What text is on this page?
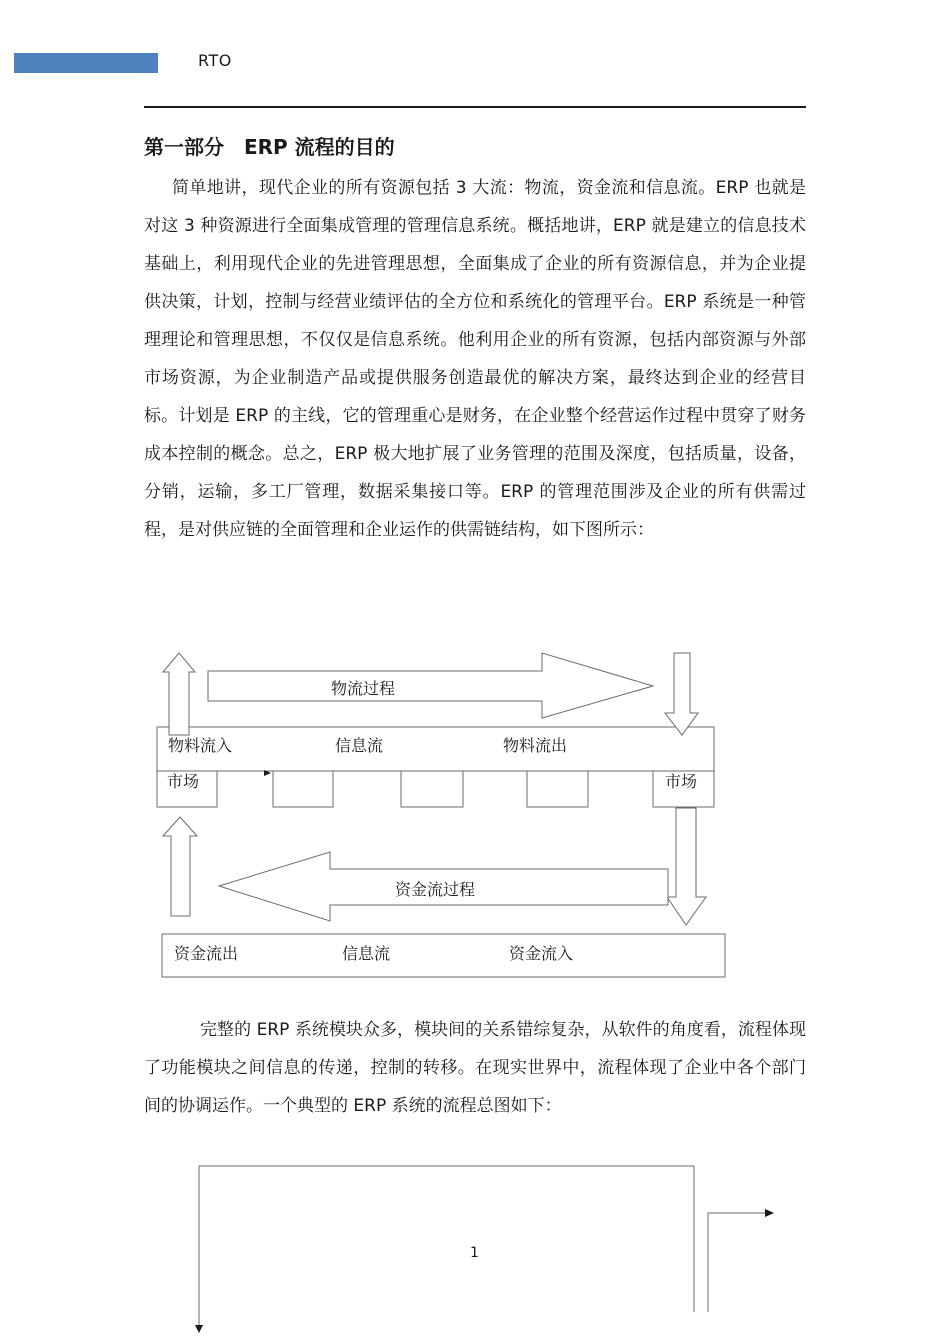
RTO
第一部分　ERP 流程的目的

简单地讲，现代企业的所有资源包括 3 大流：物流，资金流和信息流。ERP 也就是对这 3 种资源进行全面集成管理的管理信息系统。概括地讲，ERP 就是建立的信息技术基础上，利用现代企业的先进管理思想，全面集成了企业的所有资源信息，并为企业提供决策，计划，控制与经营业绩评估的全方位和系统化的管理平台。ERP 系统是一种管理理论和管理思想，不仅仅是信息系统。他利用企业的所有资源，包括内部资源与外部市场资源，为企业制造产品或提供服务创造最优的解决方案，最终达到企业的经营目标。计划是 ERP 的主线，它的管理重心是财务，在企业整个经营运作过程中贯穿了财务成本控制的概念。总之，ERP 极大地扩展了业务管理的范围及深度，包括质量，设备，分销，运输，多工厂管理，数据采集接口等。ERP 的管理范围涉及企业的所有供需过程，是对供应链的全面管理和企业运作的供需链结构，如下图所示：

物流过程
物料流入	信息流	物料流出
市场	市场
资金流过程
资金流出	信息流	资金流入

完整的 ERP 系统模块众多，模块间的关系错综复杂，从软件的角度看，流程体现了功能模块之间信息的传递，控制的转移。在现实世界中，流程体现了企业中各个部门间的协调运作。一个典型的 ERP 系统的流程总图如下：

1
